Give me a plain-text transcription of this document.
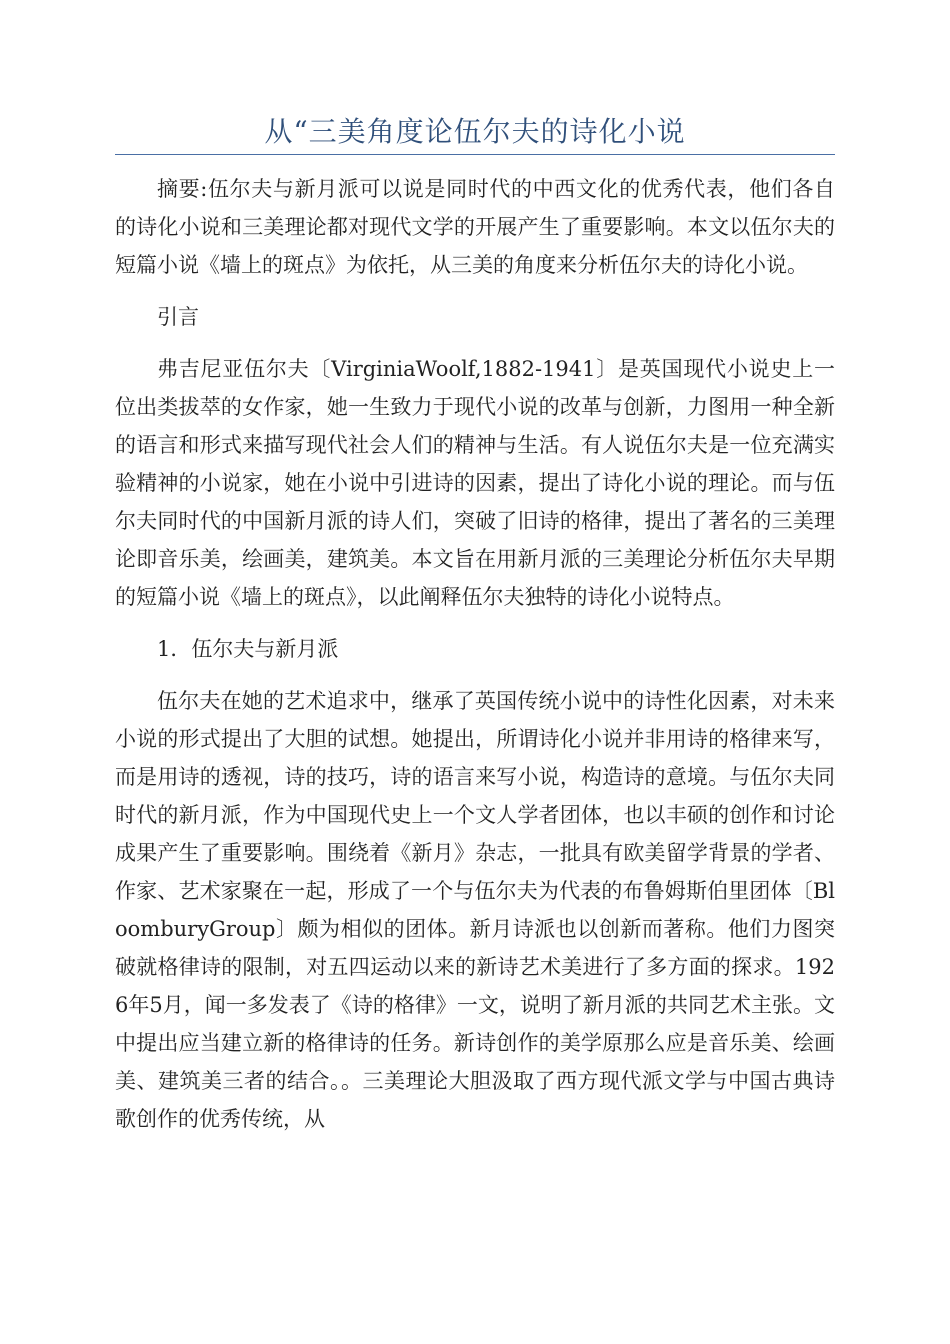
从“三美角度论伍尔夫的诗化小说

摘要:伍尔夫与新月派可以说是同时代的中西文化的优秀代表，他们各自的诗化小说和三美理论都对现代文学的开展产生了重要影响。本文以伍尔夫的短篇小说《墙上的斑点》为依托，从三美的角度来分析伍尔夫的诗化小说。

引言

弗吉尼亚伍尔夫〔VirginiaWoolf,1882-1941〕是英国现代小说史上一位出类拔萃的女作家，她一生致力于现代小说的改革与创新，力图用一种全新的语言和形式来描写现代社会人们的精神与生活。有人说伍尔夫是一位充满实验精神的小说家，她在小说中引进诗的因素，提出了诗化小说的理论。而与伍尔夫同时代的中国新月派的诗人们，突破了旧诗的格律，提出了著名的三美理论即音乐美，绘画美，建筑美。本文旨在用新月派的三美理论分析伍尔夫早期的短篇小说《墙上的斑点》，以此阐释伍尔夫独特的诗化小说特点。

1．伍尔夫与新月派

伍尔夫在她的艺术追求中，继承了英国传统小说中的诗性化因素，对未来小说的形式提出了大胆的试想。她提出，所谓诗化小说并非用诗的格律来写，而是用诗的透视，诗的技巧，诗的语言来写小说，构造诗的意境。与伍尔夫同时代的新月派，作为中国现代史上一个文人学者团体，也以丰硕的创作和讨论成果产生了重要影响。围绕着《新月》杂志，一批具有欧美留学背景的学者、作家、艺术家聚在一起，形成了一个与伍尔夫为代表的布鲁姆斯伯里团体〔BloomburyGroup〕颇为相似的团体。新月诗派也以创新而著称。他们力图突破就格律诗的限制，对五四运动以来的新诗艺术美进行了多方面的探求。1926年5月，闻一多发表了《诗的格律》一文，说明了新月派的共同艺术主张。文中提出应当建立新的格律诗的任务。新诗创作的美学原那么应是音乐美、绘画美、建筑美三者的结合。。三美理论大胆汲取了西方现代派文学与中国古典诗歌创作的优秀传统，从
